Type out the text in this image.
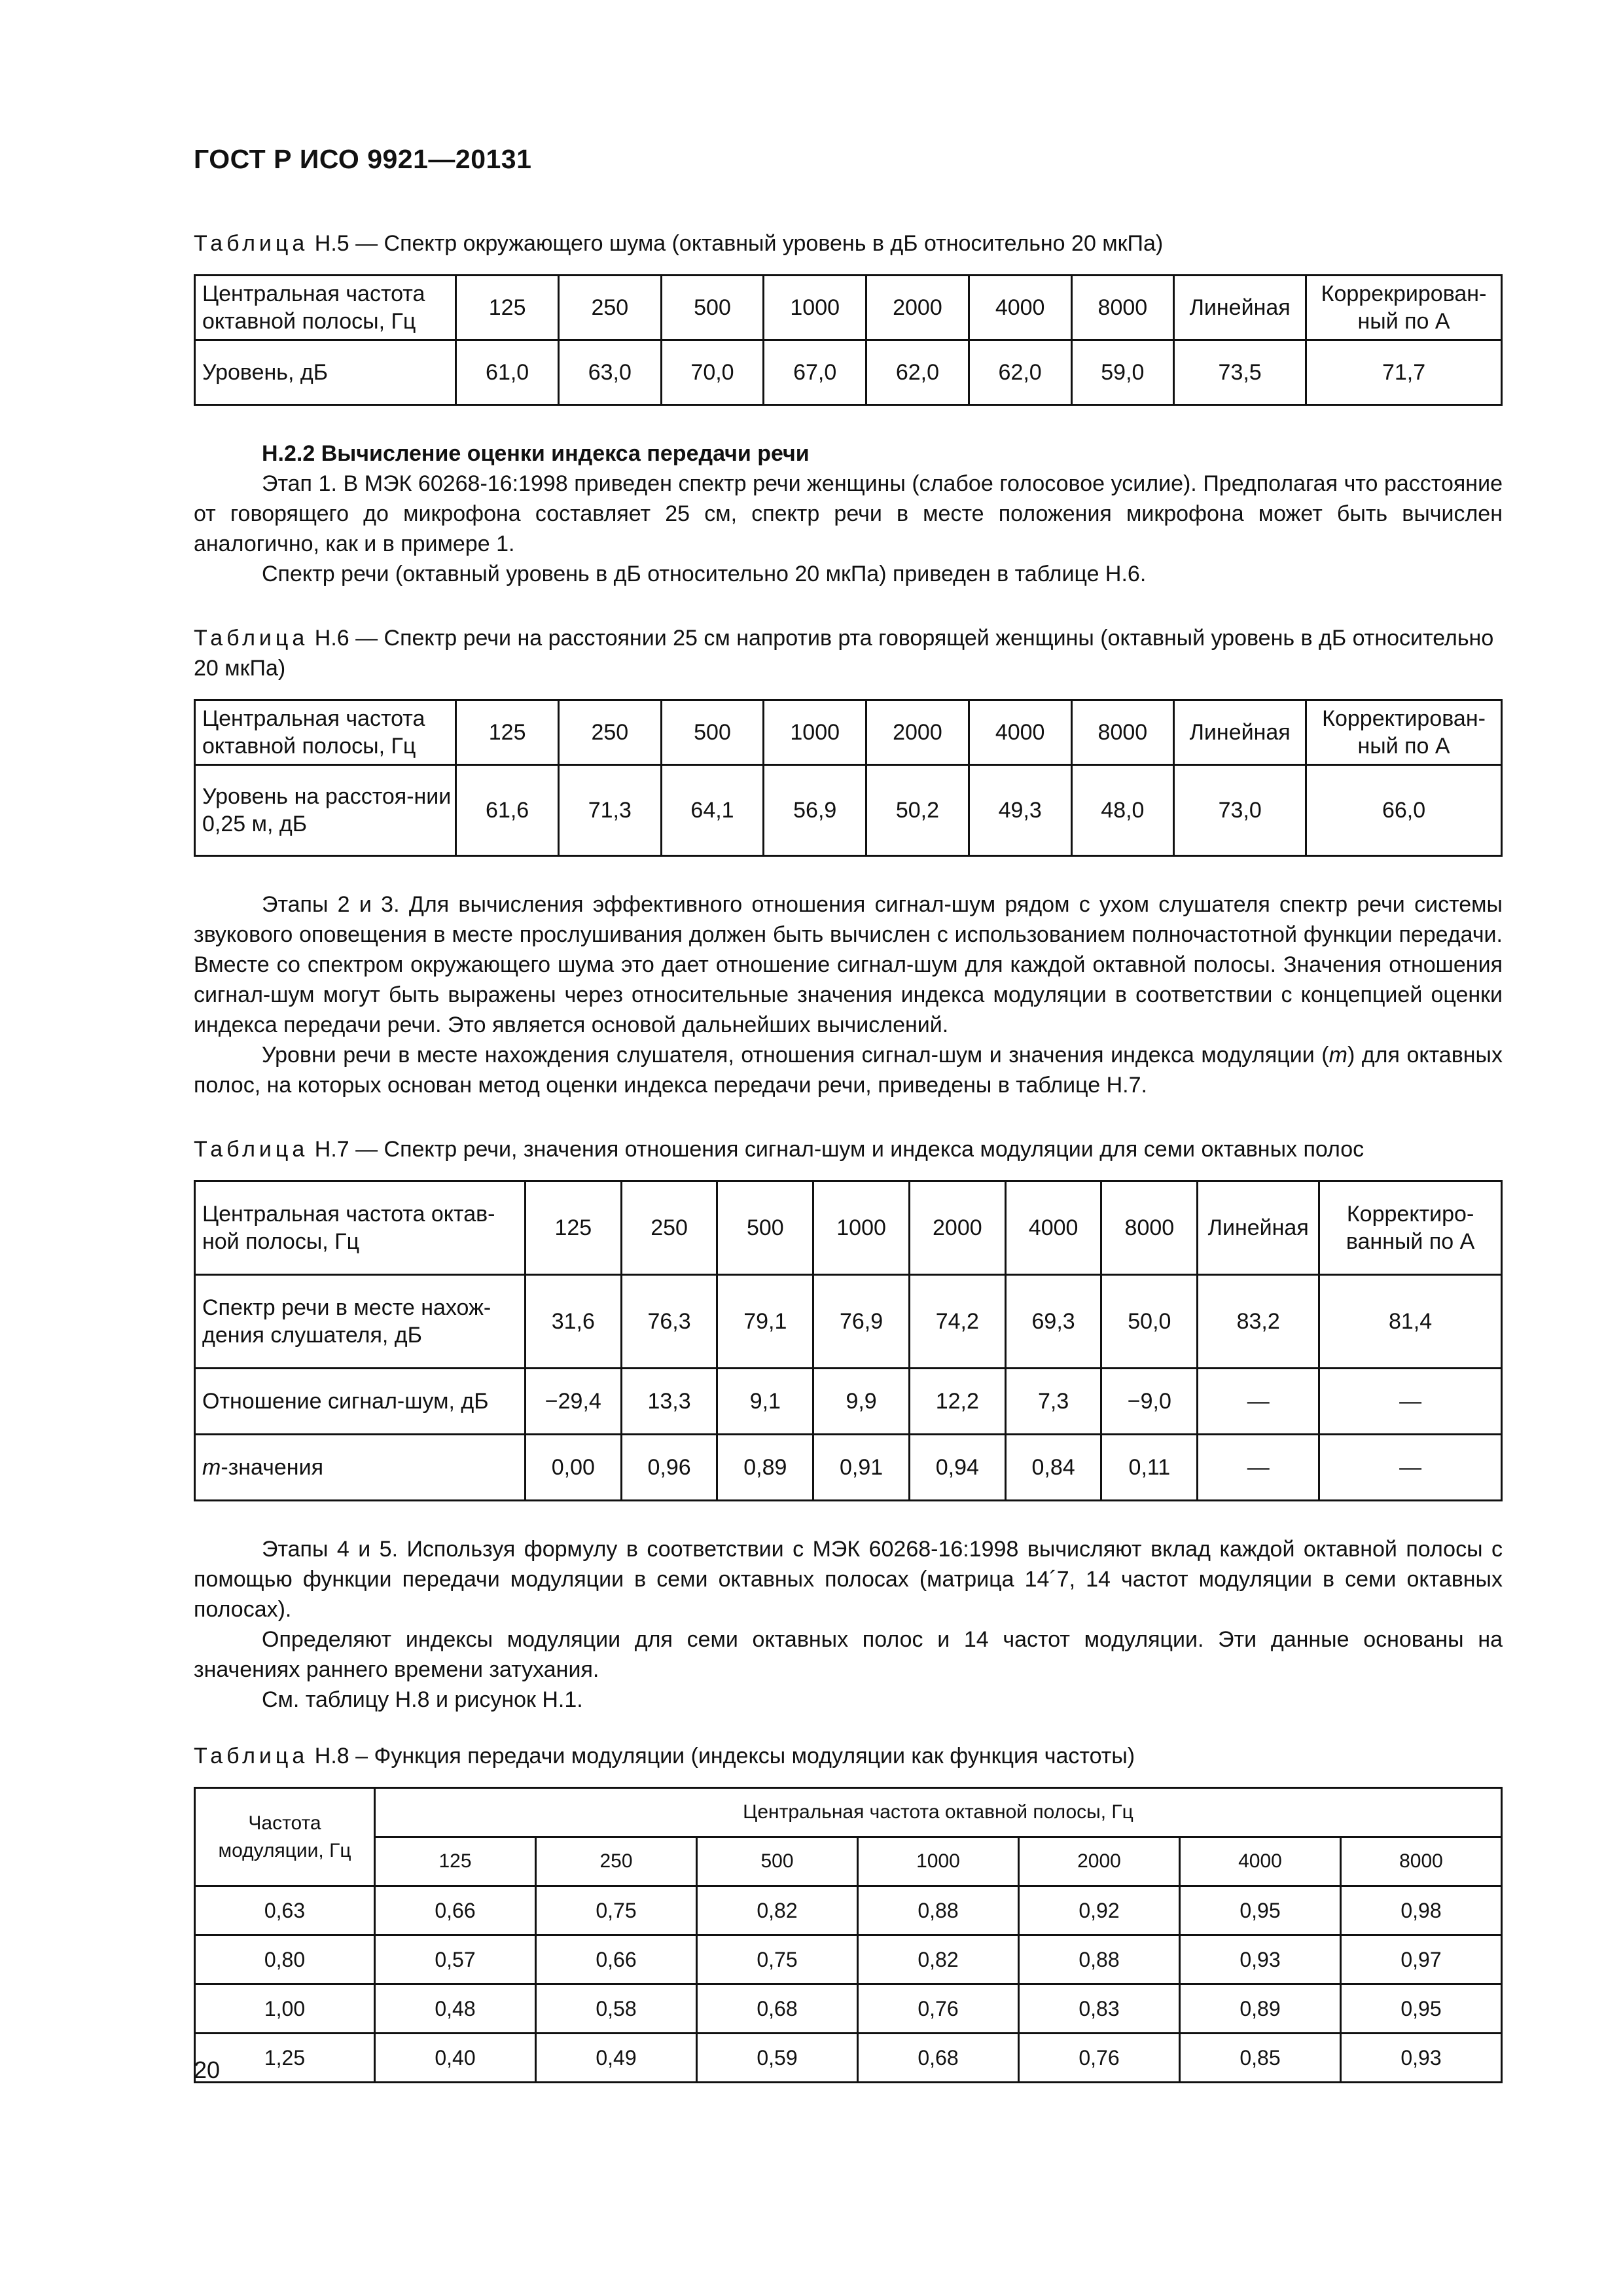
ГОСТ Р ИСО 9921—20131
Таблица Н.5 — Спектр окружающего шума (октавный уровень в дБ относительно 20 мкПа)
Центральная частота октавной полосы, Гц	125	250	500	1000	2000	4000	8000	Линейная	Коррекрирован-ный по А
Уровень, дБ	61,0	63,0	70,0	67,0	62,0	62,0	59,0	73,5	71,7
Н.2.2 Вычисление оценки индекса передачи речи

Этап 1. В МЭК 60268-16:1998 приведен спектр речи женщины (слабое голосовое усилие). Предполагая что расстояние от говорящего до микрофона составляет 25 см, спектр речи в месте положения микрофона может быть вычислен аналогично, как и в примере 1.

Спектр речи (октавный уровень в дБ относительно 20 мкПа) приведен в таблице Н.6.

Таблица Н.6 — Спектр речи на расстоянии 25 см напротив рта говорящей женщины (октавный уровень в дБ относительно 20 мкПа)
Центральная частота октавной полосы, Гц	125	250	500	1000	2000	4000	8000	Линейная	Корректирован-ный по А
Уровень на расстоя-нии 0,25 м, дБ	61,6	71,3	64,1	56,9	50,2	49,3	48,0	73,0	66,0

Этапы 2 и 3. Для вычисления эффективного отношения сигнал-шум рядом с ухом слушателя спектр речи системы звукового оповещения в месте прослушивания должен быть вычислен с использованием полночастотной функции передачи. Вместе со спектром окружающего шума это дает отношение сигнал-шум для каждой октавной полосы. Значения отношения сигнал-шум могут быть выражены через относительные значения индекса модуляции в соответствии с концепцией оценки индекса передачи речи. Это является основой дальнейших вычислений.

Уровни речи в месте нахождения слушателя, отношения сигнал-шум и значения индекса модуляции (m) для октавных полос, на которых основан метод оценки индекса передачи речи, приведены в таблице Н.7.

Таблица Н.7 — Спектр речи, значения отношения сигнал-шум и индекса модуляции для семи октавных полос
Центральная частота октав-ной полосы, Гц	125	250	500	1000	2000	4000	8000	Линейная	Корректиро-ванный по А
Спектр речи в месте нахож-дения слушателя, дБ	31,6	76,3	79,1	76,9	74,2	69,3	50,0	83,2	81,4
Отношение сигнал-шум, дБ	−29,4	13,3	9,1	9,9	12,2	7,3	−9,0	—	—
m-значения	0,00	0,96	0,89	0,91	0,94	0,84	0,11	—	—

Этапы 4 и 5. Используя формулу в соответствии с МЭК 60268-16:1998 вычисляют вклад каждой октавной полосы с помощью функции передачи модуляции в семи октавных полосах (матрица 14´7, 14 частот модуляции в семи октавных полосах).

Определяют индексы модуляции для семи октавных полос и 14 частот модуляции. Эти данные основаны на значениях раннего времени затухания.

См. таблицу Н.8 и рисунок Н.1.

Таблица Н.8 – Функция передачи модуляции (индексы модуляции как функция частоты)
Частота модуляции, Гц	Центральная частота октавной полосы, Гц						
	125	250	500	1000	2000	4000	8000
0,63	0,66	0,75	0,82	0,88	0,92	0,95	0,98
0,80	0,57	0,66	0,75	0,82	0,88	0,93	0,97
1,00	0,48	0,58	0,68	0,76	0,83	0,89	0,95
1,25	0,40	0,49	0,59	0,68	0,76	0,85	0,93
20
